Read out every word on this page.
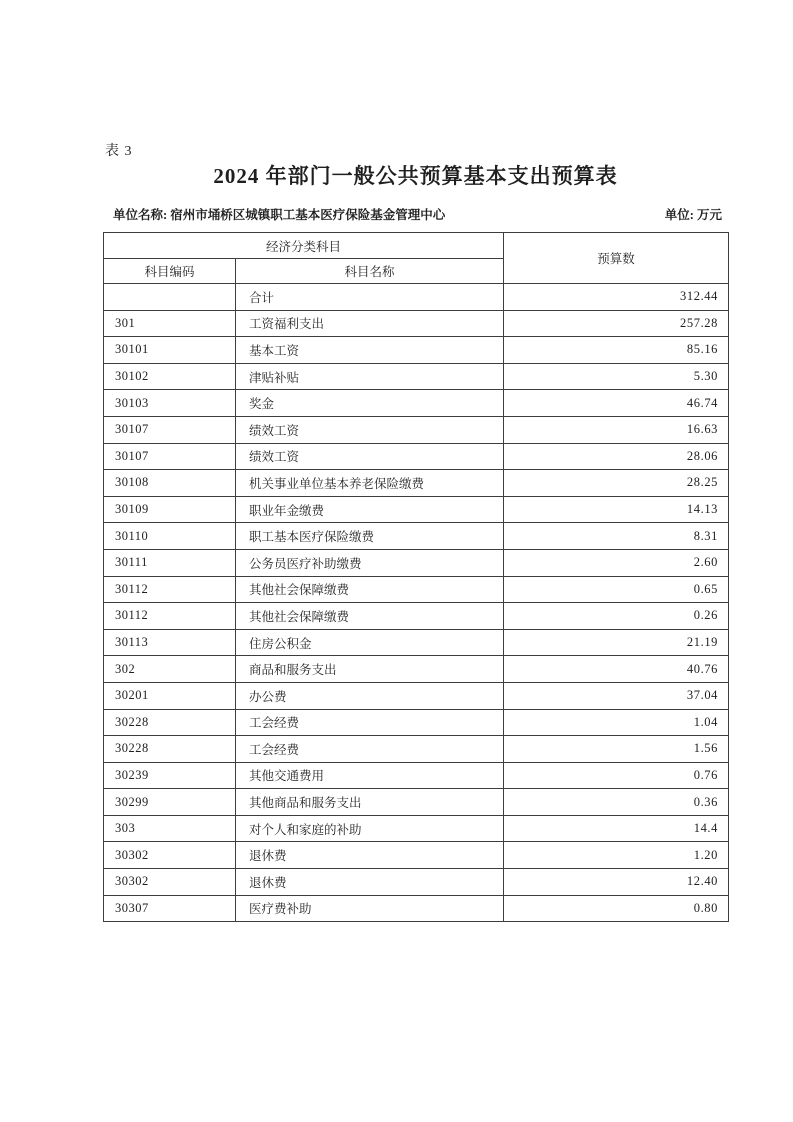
表 3
2024 年部门一般公共预算基本支出预算表
单位名称: 宿州市埇桥区城镇职工基本医疗保险基金管理中心	单位: 万元
经济分类科目		预算数
科目编码	科目名称	
	合计	312.44
301	工资福利支出	257.28
30101	基本工资	85.16
30102	津贴补贴	5.30
30103	奖金	46.74
30107	绩效工资	16.63
30107	绩效工资	28.06
30108	机关事业单位基本养老保险缴费	28.25
30109	职业年金缴费	14.13
30110	职工基本医疗保险缴费	8.31
30111	公务员医疗补助缴费	2.60
30112	其他社会保障缴费	0.65
30112	其他社会保障缴费	0.26
30113	住房公积金	21.19
302	商品和服务支出	40.76
30201	办公费	37.04
30228	工会经费	1.04
30228	工会经费	1.56
30239	其他交通费用	0.76
30299	其他商品和服务支出	0.36
303	对个人和家庭的补助	14.4
30302	退休费	1.20
30302	退休费	12.40
30307	医疗费补助	0.80
